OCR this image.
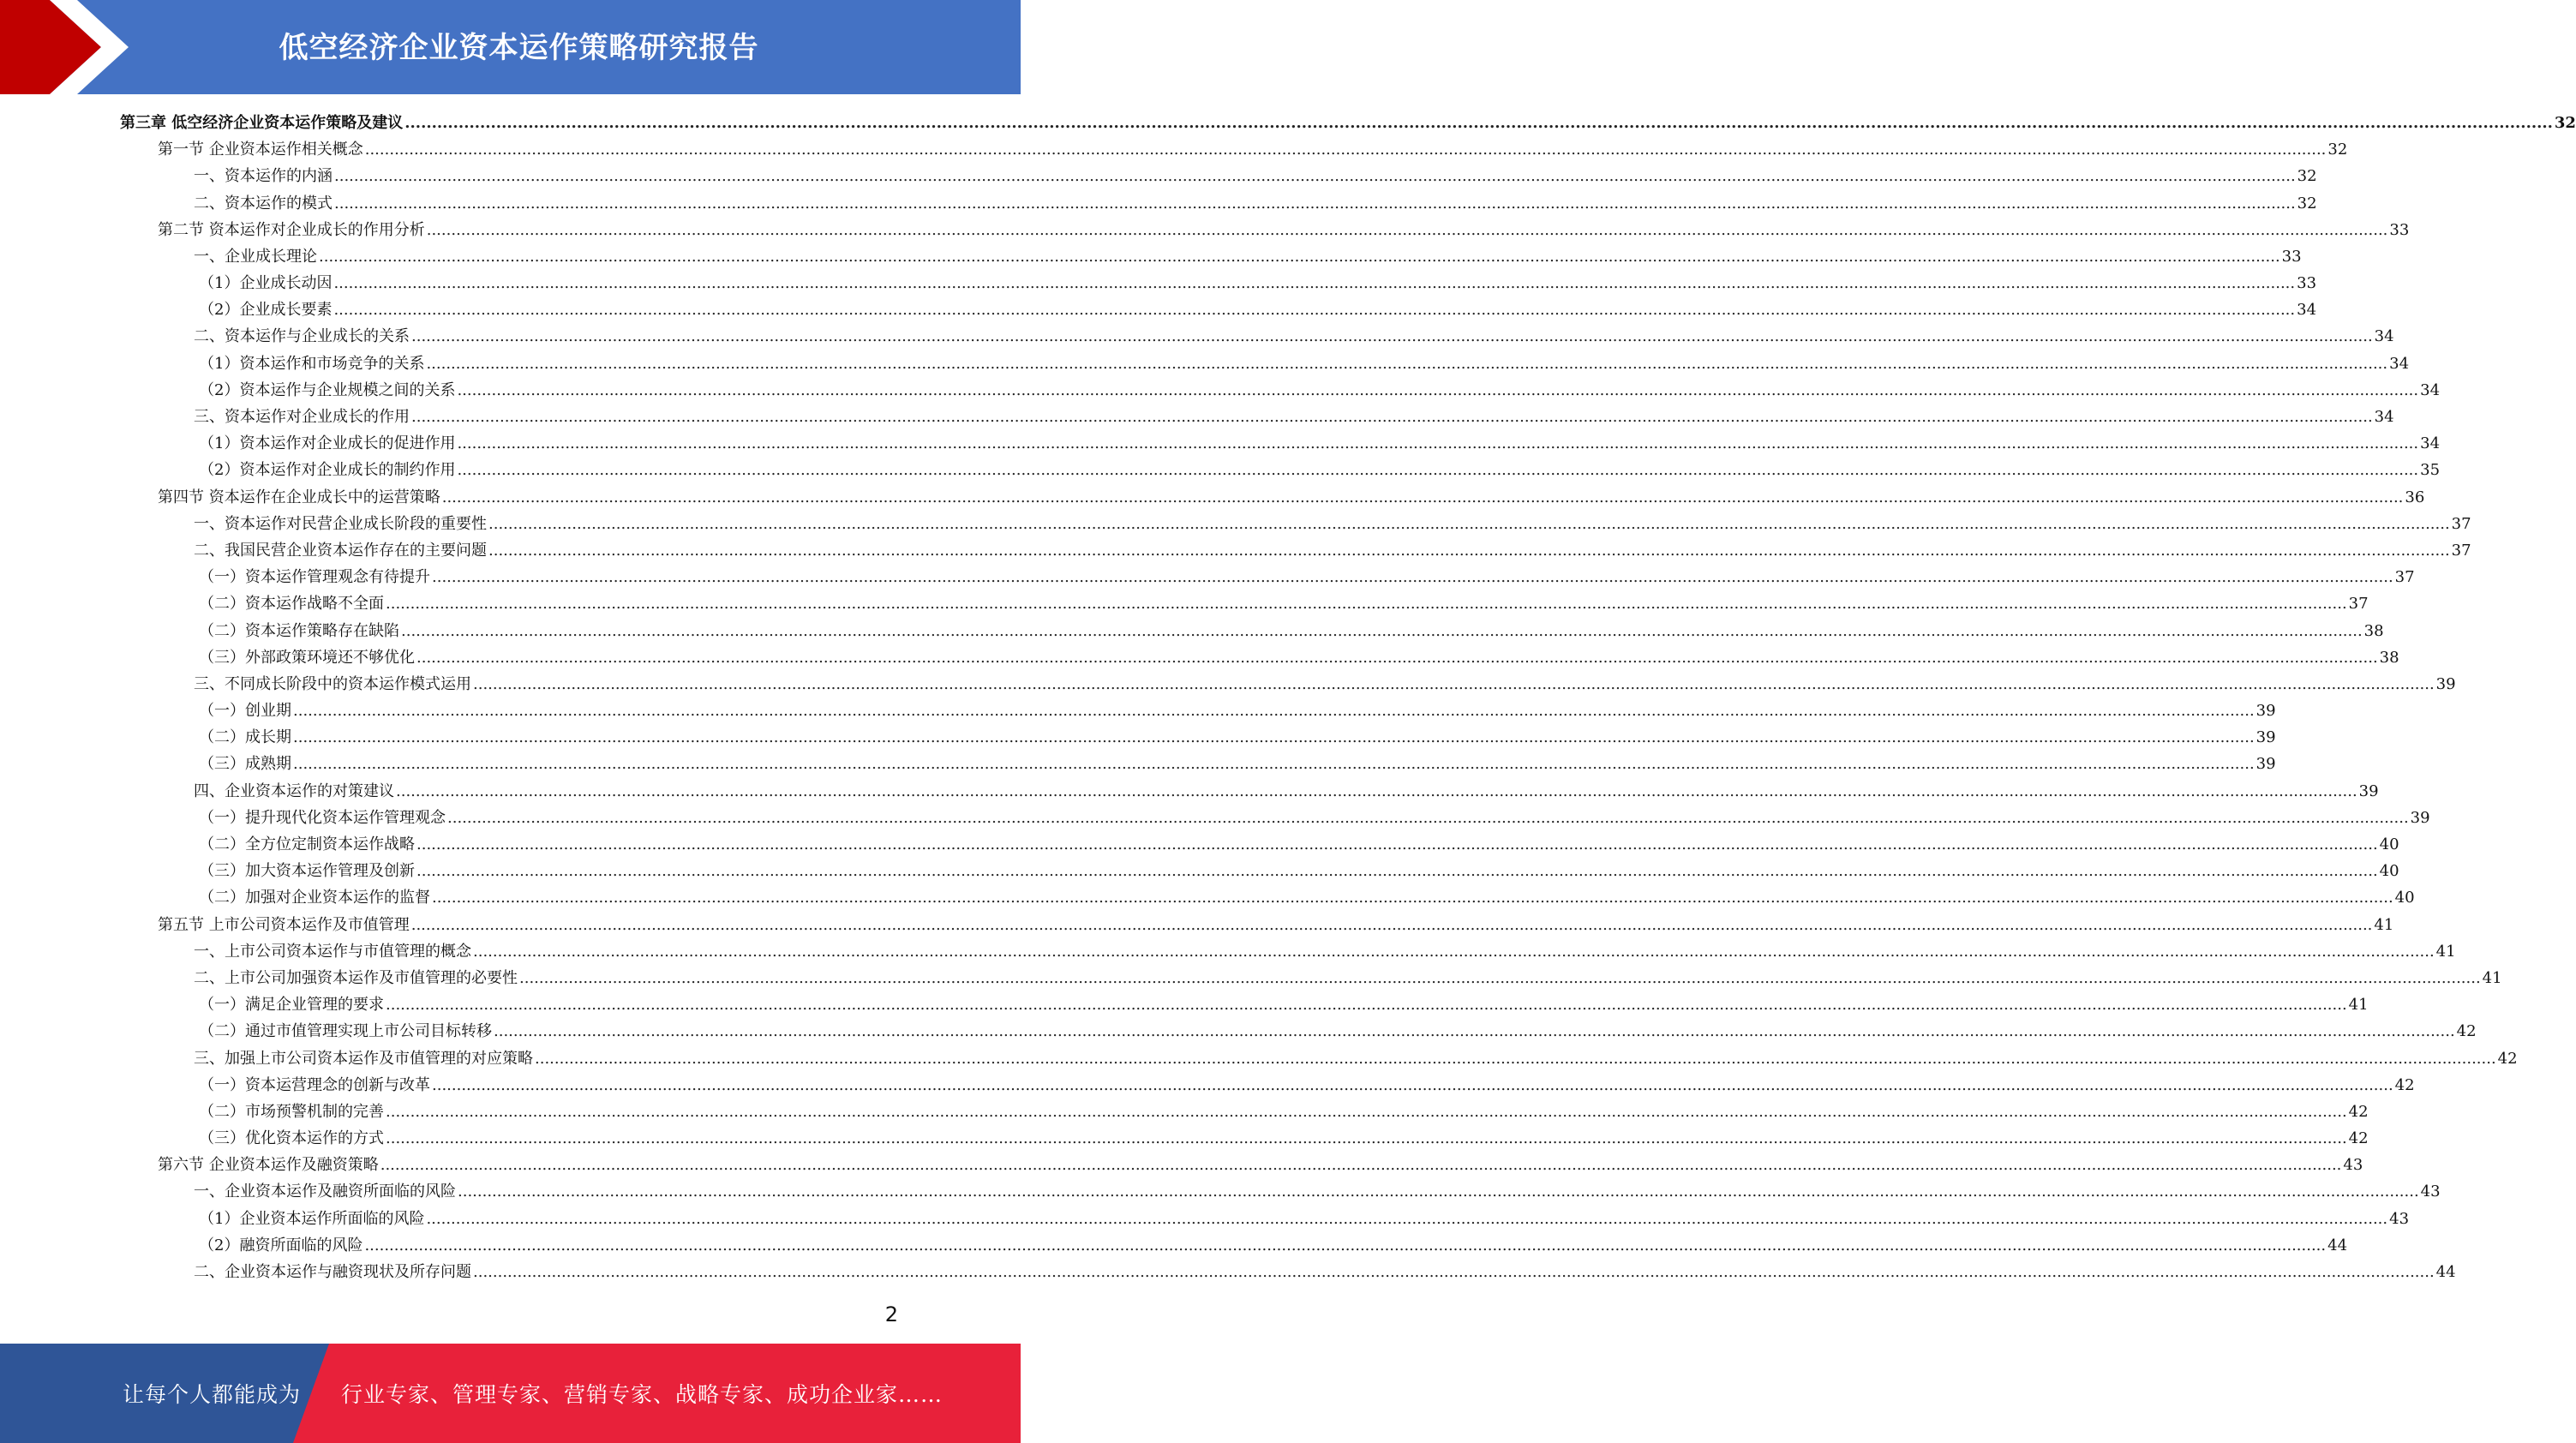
低空经济企业资本运作策略研究报告
第三章 低空经济企业资本运作策略及建议 ................................................................................................................................................................................................................................................................................................................................................................................................................ 32
第一节 企业资本运作相关概念 ................................................................................................................................................................................................................................................................................................................................................................................................................ 32
一、资本运作的内涵 ................................................................................................................................................................................................................................................................................................................................................................................................................ 32
二、资本运作的模式 ................................................................................................................................................................................................................................................................................................................................................................................................................ 32
第二节 资本运作对企业成长的作用分析 ................................................................................................................................................................................................................................................................................................................................................................................................................ 33
一、企业成长理论 ................................................................................................................................................................................................................................................................................................................................................................................................................ 33
（1）企业成长动因 ................................................................................................................................................................................................................................................................................................................................................................................................................ 33
（2）企业成长要素 ................................................................................................................................................................................................................................................................................................................................................................................................................ 34
二、资本运作与企业成长的关系 ................................................................................................................................................................................................................................................................................................................................................................................................................ 34
（1）资本运作和市场竞争的关系 ................................................................................................................................................................................................................................................................................................................................................................................................................ 34
（2）资本运作与企业规模之间的关系 ................................................................................................................................................................................................................................................................................................................................................................................................................ 34
三、资本运作对企业成长的作用 ................................................................................................................................................................................................................................................................................................................................................................................................................ 34
（1）资本运作对企业成长的促进作用 ................................................................................................................................................................................................................................................................................................................................................................................................................ 34
（2）资本运作对企业成长的制约作用 ................................................................................................................................................................................................................................................................................................................................................................................................................ 35
第四节 资本运作在企业成长中的运营策略 ................................................................................................................................................................................................................................................................................................................................................................................................................ 36
一、资本运作对民营企业成长阶段的重要性 ................................................................................................................................................................................................................................................................................................................................................................................................................ 37
二、我国民营企业资本运作存在的主要问题 ................................................................................................................................................................................................................................................................................................................................................................................................................ 37
（一）资本运作管理观念有待提升 ................................................................................................................................................................................................................................................................................................................................................................................................................ 37
（二）资本运作战略不全面 ................................................................................................................................................................................................................................................................................................................................................................................................................ 37
（二）资本运作策略存在缺陷 ................................................................................................................................................................................................................................................................................................................................................................................................................ 38
（三）外部政策环境还不够优化 ................................................................................................................................................................................................................................................................................................................................................................................................................ 38
三、不同成长阶段中的资本运作模式运用 ................................................................................................................................................................................................................................................................................................................................................................................................................ 39
（一）创业期 ................................................................................................................................................................................................................................................................................................................................................................................................................ 39
（二）成长期 ................................................................................................................................................................................................................................................................................................................................................................................................................ 39
（三）成熟期 ................................................................................................................................................................................................................................................................................................................................................................................................................ 39
四、企业资本运作的对策建议 ................................................................................................................................................................................................................................................................................................................................................................................................................ 39
（一）提升现代化资本运作管理观念 ................................................................................................................................................................................................................................................................................................................................................................................................................ 39
（二）全方位定制资本运作战略 ................................................................................................................................................................................................................................................................................................................................................................................................................ 40
（三）加大资本运作管理及创新 ................................................................................................................................................................................................................................................................................................................................................................................................................ 40
（二）加强对企业资本运作的监督 ................................................................................................................................................................................................................................................................................................................................................................................................................ 40
第五节 上市公司资本运作及市值管理 ................................................................................................................................................................................................................................................................................................................................................................................................................ 41
一、上市公司资本运作与市值管理的概念 ................................................................................................................................................................................................................................................................................................................................................................................................................ 41
二、上市公司加强资本运作及市值管理的必要性 ................................................................................................................................................................................................................................................................................................................................................................................................................ 41
（一）满足企业管理的要求 ................................................................................................................................................................................................................................................................................................................................................................................................................ 41
（二）通过市值管理实现上市公司目标转移 ................................................................................................................................................................................................................................................................................................................................................................................................................ 42
三、加强上市公司资本运作及市值管理的对应策略 ................................................................................................................................................................................................................................................................................................................................................................................................................ 42
（一）资本运营理念的创新与改革 ................................................................................................................................................................................................................................................................................................................................................................................................................ 42
（二）市场预警机制的完善 ................................................................................................................................................................................................................................................................................................................................................................................................................ 42
（三）优化资本运作的方式 ................................................................................................................................................................................................................................................................................................................................................................................................................ 42
第六节 企业资本运作及融资策略 ................................................................................................................................................................................................................................................................................................................................................................................................................ 43
一、企业资本运作及融资所面临的风险 ................................................................................................................................................................................................................................................................................................................................................................................................................ 43
（1）企业资本运作所面临的风险 ................................................................................................................................................................................................................................................................................................................................................................................................................ 43
（2）融资所面临的风险 ................................................................................................................................................................................................................................................................................................................................................................................................................ 44
二、企业资本运作与融资现状及所存问题 ................................................................................................................................................................................................................................................................................................................................................................................................................ 44
2
让每个人都能成为 行业专家、管理专家、营销专家、战略专家、成功企业家……
